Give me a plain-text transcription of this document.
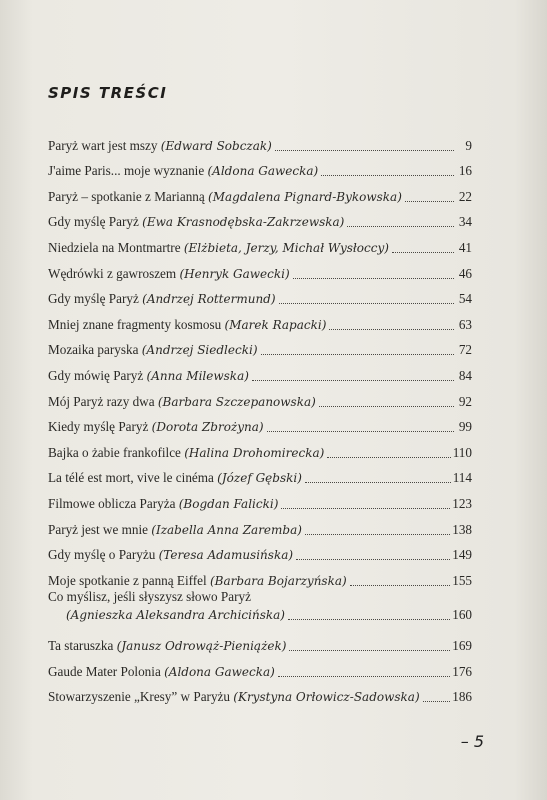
SPIS TREŚCI
Paryż wart jest mszy (Edward Sobczak)	9
J'aime Paris... moje wyznanie (Aldona Gawecka)	16
Paryż – spotkanie z Marianną (Magdalena Pignard-Bykowska)	22
Gdy myślę Paryż (Ewa Krasnodębska-Zakrzewska)	34
Niedziela na Montmartre (Elżbieta, Jerzy, Michał Wysłoccy)	41
Wędrówki z gawroszem (Henryk Gawecki)	46
Gdy myślę Paryż (Andrzej Rottermund)	54
Mniej znane fragmenty kosmosu (Marek Rapacki)	63
Mozaika paryska (Andrzej Siedlecki)	72
Gdy mówię Paryż (Anna Milewska)	84
Mój Paryż razy dwa (Barbara Szczepanowska)	92
Kiedy myślę Paryż (Dorota Zbrożyna)	99
Bajka o żabie frankofilce (Halina Drohomirecka)	110
La télé est mort, vive le cinéma (Józef Gębski)	114
Filmowe oblicza Paryża (Bogdan Falicki)	123
Paryż jest we mnie (Izabella Anna Zaremba)	138
Gdy myślę o Paryżu (Teresa Adamusińska)	149
Moje spotkanie z panną Eiffel (Barbara Bojarzyńska)	155
Co myślisz, jeśli słyszysz słowo Paryż
(Agnieszka Aleksandra Archicińska)	160
Ta staruszka (Janusz Odrowąż-Pieniążek)	169
Gaude Mater Polonia (Aldona Gawecka)	176
Stowarzyszenie „Kresy” w Paryżu (Krystyna Orłowicz-Sadowska) 186
– 5
